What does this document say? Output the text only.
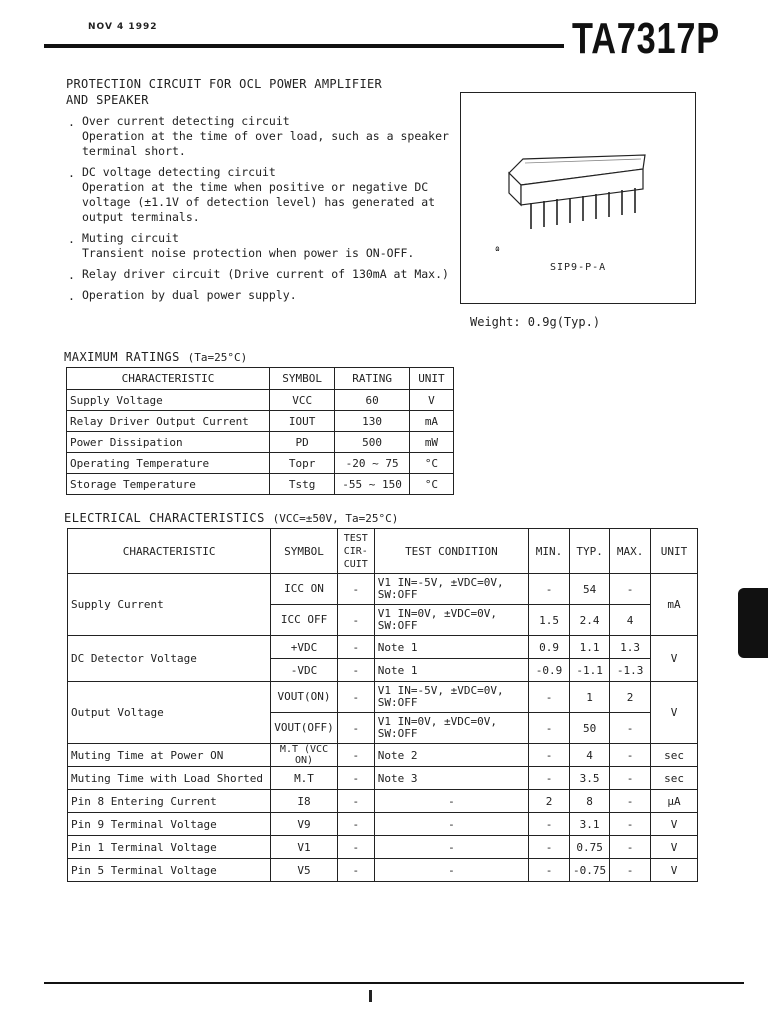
NOV 4 1992	TA7317P
PROTECTION CIRCUIT FOR OCL POWER AMPLIFIER
AND SPEAKER
. Over current detecting circuit
Operation at the time of over load, such as a speaker terminal short.
. DC voltage detecting circuit
Operation at the time when positive or negative DC voltage (±1.1V of detection level) has generated at output terminals.
. Muting circuit
Transient noise protection when power is ON-OFF.
. Relay driver circuit (Drive current of 130mA at Max.)
. Operation by dual power supply.
ɷ
SIP9-P-A
Weight: 0.9g(Typ.)
MAXIMUM RATINGS (Ta=25°C)
CHARACTERISTIC	SYMBOL	RATING	UNIT
Supply Voltage	VCC	60	V
Relay Driver Output Current	IOUT	130	mA
Power Dissipation	PD	500	mW
Operating Temperature	Topr	-20 ~ 75	°C
Storage Temperature	Tstg	-55 ~ 150	°C
ELECTRICAL CHARACTERISTICS (VCC=±50V, Ta=25°C)
CHARACTERISTIC	SYMBOL	TEST CIR- CUIT	TEST CONDITION	MIN.	TYP.	MAX.	UNIT
Supply Current	ICC ON	-	V1 IN=-5V, ±VDC=0V, SW:OFF	-	54	-	mA
	ICC OFF	-	V1 IN=0V, ±VDC=0V, SW:OFF	1.5	2.4	4	
DC Detector Voltage	+VDC	-	Note 1	0.9	1.1	1.3	V
	-VDC	-	Note 1	-0.9	-1.1	-1.3	
Output Voltage	VOUT(ON)	-	V1 IN=-5V, ±VDC=0V, SW:OFF	-	1	2	V
	VOUT(OFF)	-	V1 IN=0V, ±VDC=0V, SW:OFF	-	50	-	
Muting Time at Power ON	M.T (VCC ON)	-	Note 2	-	4	-	sec
Muting Time with Load Shorted	M.T	-	Note 3	-	3.5	-	sec
Pin 8 Entering Current	I8	-	-	2	8	-	μA
Pin 9 Terminal Voltage	V9	-	-	-	3.1	-	V
Pin 1 Terminal Voltage	V1	-	-	-	0.75	-	V
Pin 5 Terminal Voltage	V5	-	-	-	-0.75	-	V
